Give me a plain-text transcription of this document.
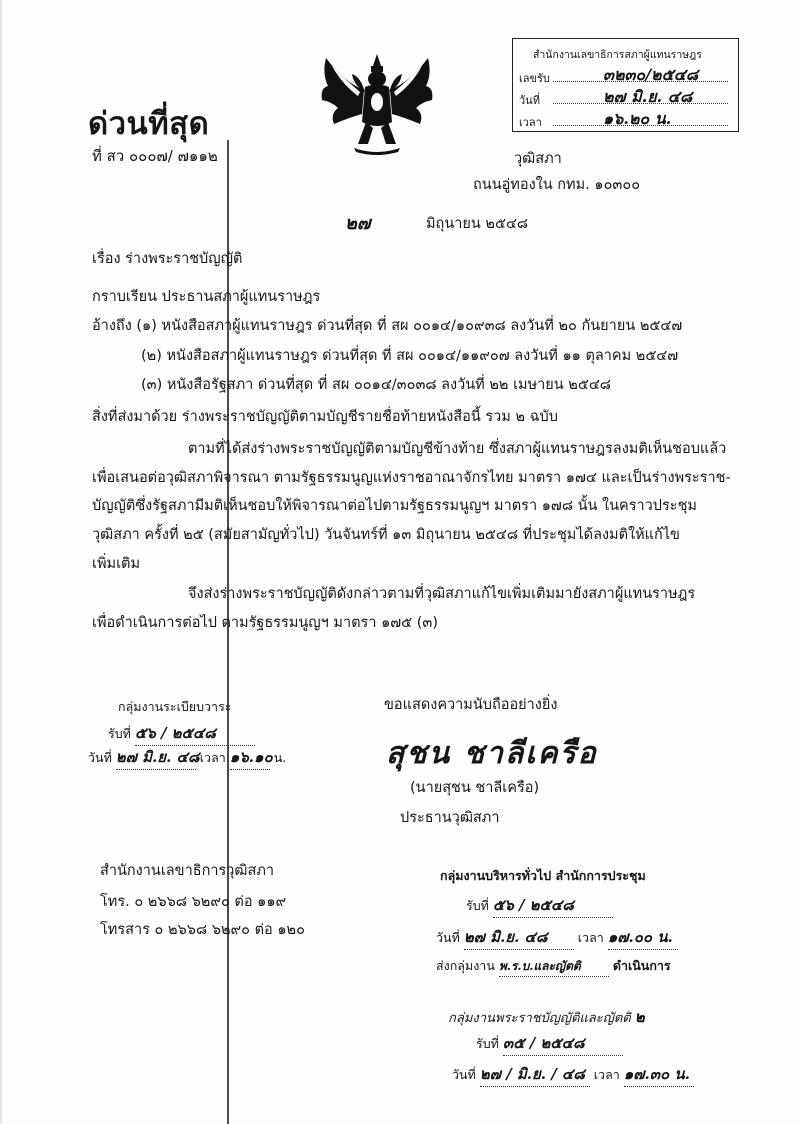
ด่วนที่สุด
ที่ สว ๐๐๐๗/ ๗๑๑๒
สำนักงานเลขาธิการสภาผู้แทนราษฎร
เลขรับ	๓๒๓๐/๒๕๔๘
วันที่	๒๗ มิ.ย. ๔๘
เวลา	๑๖.๒๐ น.
วุฒิสภา
ถนนอู่ทองใน กทม. ๑๐๓๐๐
๒๗	มิถุนายน ๒๕๔๘
เรื่อง ร่างพระราชบัญญัติ
กราบเรียน ประธานสภาผู้แทนราษฎร
อ้างถึง (๑) หนังสือสภาผู้แทนราษฎร ด่วนที่สุด ที่ สผ ๐๐๑๔/๑๐๙๓๘ ลงวันที่ ๒๐ กันยายน ๒๕๔๗
(๒) หนังสือสภาผู้แทนราษฎร ด่วนที่สุด ที่ สผ ๐๐๑๔/๑๑๙๐๗ ลงวันที่ ๑๑ ตุลาคม ๒๕๔๗
(๓) หนังสือรัฐสภา ด่วนที่สุด ที่ สผ ๐๐๑๔/๓๐๓๘ ลงวันที่ ๒๒ เมษายน ๒๕๔๘
สิ่งที่ส่งมาด้วย ร่างพระราชบัญญัติตามบัญชีรายชื่อท้ายหนังสือนี้ รวม ๒ ฉบับ
ตามที่ได้ส่งร่างพระราชบัญญัติตามบัญชีข้างท้าย ซึ่งสภาผู้แทนราษฎรลงมติเห็นชอบแล้ว
เพื่อเสนอต่อวุฒิสภาพิจารณา ตามรัฐธรรมนูญแห่งราชอาณาจักรไทย มาตรา ๑๗๔ และเป็นร่างพระราช-
บัญญัติซึ่งรัฐสภามีมติเห็นชอบให้พิจารณาต่อไปตามรัฐธรรมนูญฯ มาตรา ๑๗๘ นั้น ในคราวประชุม
วุฒิสภา ครั้งที่ ๒๕ (สมัยสามัญทั่วไป) วันจันทร์ที่ ๑๓ มิถุนายน ๒๕๔๘ ที่ประชุมได้ลงมติให้แก้ไข
เพิ่มเติม
จึงส่งร่างพระราชบัญญัติดังกล่าวตามที่วุฒิสภาแก้ไขเพิ่มเติมมายังสภาผู้แทนราษฎร
เพื่อดำเนินการต่อไป ตามรัฐธรรมนูญฯ มาตรา ๑๗๕ (๓)
ขอแสดงความนับถืออย่างยิ่ง
สุชน ชาลีเครือ
(นายสุชน ชาลีเครือ)
ประธานวุฒิสภา
กลุ่มงานระเบียบวาระ
รับที่ ๕๖ / ๒๕๔๘
วันที่ ๒๗ มิ.ย. ๔๘ เวลา ๑๖.๑๐ น.
สำนักงานเลขาธิการวุฒิสภา
โทร. ๐ ๒๖๖๘ ๖๒๙๐ ต่อ ๑๑๙
โทรสาร ๐ ๒๖๖๘ ๖๒๙๐ ต่อ ๑๒๐
กลุ่มงานบริหารทั่วไป สำนักการประชุม
รับที่ ๕๖ / ๒๕๔๘
วันที่ ๒๗ มิ.ย. ๔๘ เวลา ๑๗.๐๐ น.
ส่งกลุ่มงาน พ.ร.บ.และญัตติ	ดำเนินการ
กลุ่มงานพระราชบัญญัติและญัตติ ๒
รับที่ ๓๕ / ๒๕๔๘
วันที่ ๒๗ / มิ.ย. / ๔๘ เวลา ๑๗.๓๐ น.
